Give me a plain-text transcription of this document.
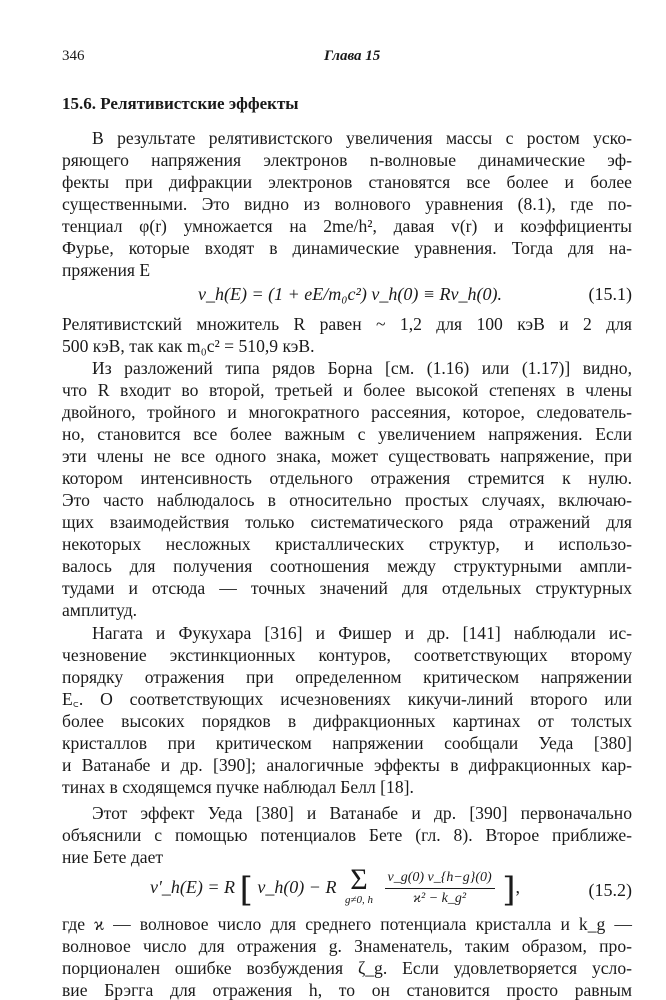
346	Глава 15
15.6. Релятивистские эффекты
В результате релятивистского увеличения массы с ростом уско-
ряющего напряжения электронов n-волновые динамические эф-
фекты при дифракции электронов становятся все более и более
существенными. Это видно из волнового уравнения (8.1), где по-
тенциал φ(r) умножается на 2me/h², давая v(r) и коэффициенты
Фурье, которые входят в динамические уравнения. Тогда для на-
пряжения E
v_h(E) = (1 + eE/m₀c²) v_h(0) ≡ Rv_h(0).	(15.1)
Релятивистский множитель R равен ~ 1,2 для 100 кэВ и 2 для
500 кэВ, так как m₀c² = 510,9 кэВ.
Из разложений типа рядов Борна [см. (1.16) или (1.17)] видно,
что R входит во второй, третьей и более высокой степенях в члены
двойного, тройного и многократного рассеяния, которое, следователь-
но, становится все более важным с увеличением напряжения. Если
эти члены не все одного знака, может существовать напряжение, при
котором интенсивность отдельного отражения стремится к нулю.
Это часто наблюдалось в относительно простых случаях, включаю-
щих взаимодействия только систематического ряда отражений для
некоторых несложных кристаллических структур, и использо-
валось для получения соотношения между структурными ампли-
тудами и отсюда — точных значений для отдельных структурных
амплитуд.
Нагата и Фукухара [316] и Фишер и др. [141] наблюдали ис-
чезновение экстинкционных контуров, соответствующих второму
порядку отражения при определенном критическом напряжении
E꜀. О соответствующих исчезновениях кикучи-линий второго или
более высоких порядков в дифракционных картинах от толстых
кристаллов при критическом напряжении сообщали Уеда [380]
и Ватанабе и др. [390]; аналогичные эффекты в дифракционных кар-
тинах в сходящемся пучке наблюдал Белл [18].
Этот эффект Уеда [380] и Ватанабе и др. [390] первоначально
объяснили с помощью потенциалов Бете (гл. 8). Второе приближе-
ние Бете дает
v′_h(E) = R [ v_h(0) − R Σ
g≠0, h
$\frac{v\_g(0) v\_\{h-g\}(0)}{\text{ϰ² − k\_g²}}$ ],	(15.2)
где ϰ — волновое число для среднего потенциала кристалла и k_g —
волновое число для отражения g. Знаменатель, таким образом, про-
порционален ошибке возбуждения ζ_g. Если удовлетворяется усло-
вие Брэгга для отражения h, то он становится просто равным
